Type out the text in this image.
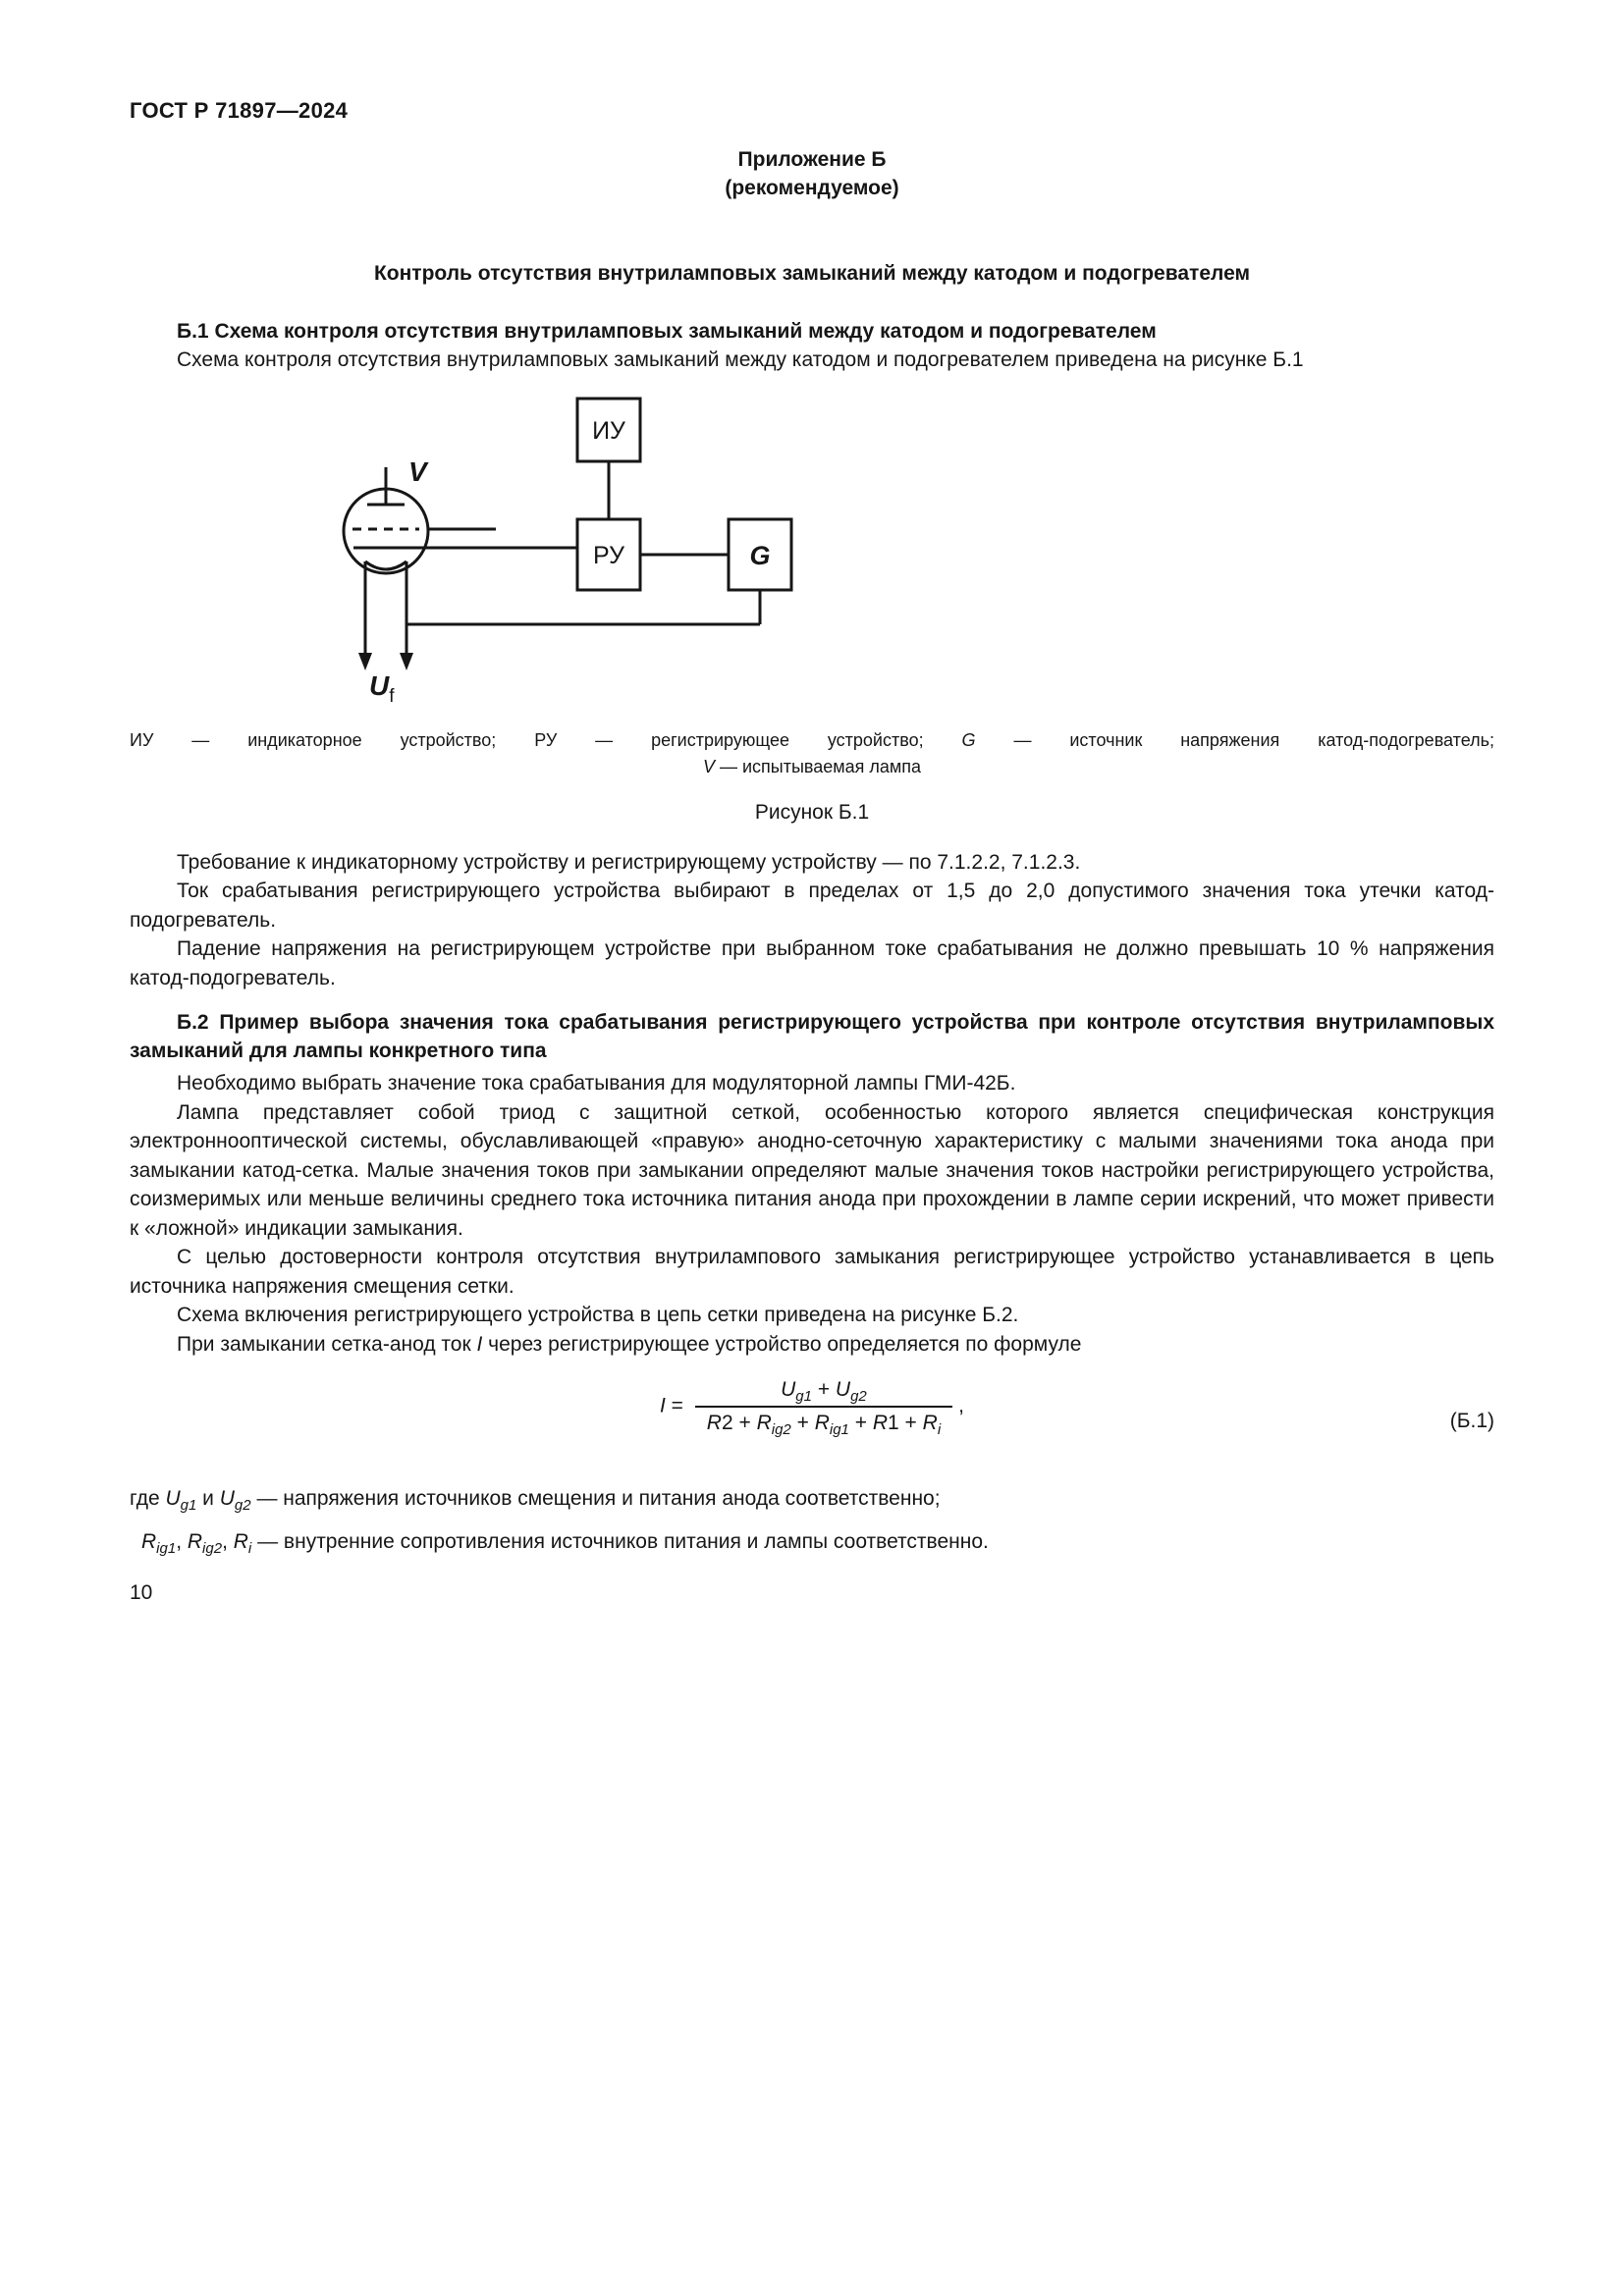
ГОСТ Р 71897—2024
Приложение Б
(рекомендуемое)
Контроль отсутствия внутриламповых замыканий между катодом и подогревателем
Б.1 Схема контроля отсутствия внутриламповых замыканий между катодом и подогревателем

Схема контроля отсутствия внутриламповых замыканий между катодом и подогревателем приведена на рисунке Б.1

ИУ
РУ	G
V
$U_f$
ИУ — индикаторное устройство; РУ — регистрирующее устройство; G — источник напряжения катод-подогреватель;
V — испытываемая лампа
Рисунок Б.1

Требование к индикаторному устройству и регистрирующему устройству — по 7.1.2.2, 7.1.2.3.

Ток срабатывания регистрирующего устройства выбирают в пределах от 1,5 до 2,0 допустимого значения тока утечки катод-подогреватель.

Падение напряжения на регистрирующем устройстве при выбранном токе срабатывания не должно превышать 10 % напряжения катод-подогреватель.

Б.2 Пример выбора значения тока срабатывания регистрирующего устройства при контроле отсутствия внутриламповых замыканий для лампы конкретного типа

Необходимо выбрать значение тока срабатывания для модуляторной лампы ГМИ-42Б.

Лампа представляет собой триод с защитной сеткой, особенностью которого является специфическая конструкция электроннооптической системы, обуславливающей «правую» анодно-сеточную характеристику с малыми значениями тока анода при замыкании катод-сетка. Малые значения токов при замыкании определяют малые значения токов настройки регистрирующего устройства, соизмеримых или меньше величины среднего тока источника питания анода при прохождении в лампе серии искрений, что может привести к «ложной» индикации замыкания.

С целью достоверности контроля отсутствия внутрилампового замыкания регистрирующее устройство устанавливается в цепь источника напряжения смещения сетки.

Схема включения регистрирующего устройства в цепь сетки приведена на рисунке Б.2.

При замыкании сетка-анод ток I через регистрирующее устройство определяется по формуле

$I = \frac{U_{g1} + U_{g2}}{R2 + R_{ig2} + R_{ig1} + R1 + R_i}$ ,
(Б.1)
где $U_{g1}$ и $U_{g2}$ — напряжения источников смещения и питания анода соответственно;
$R_{ig1}$, $R_{ig2}$, $R_i$ — внутренние сопротивления источников питания и лампы соответственно.
10
